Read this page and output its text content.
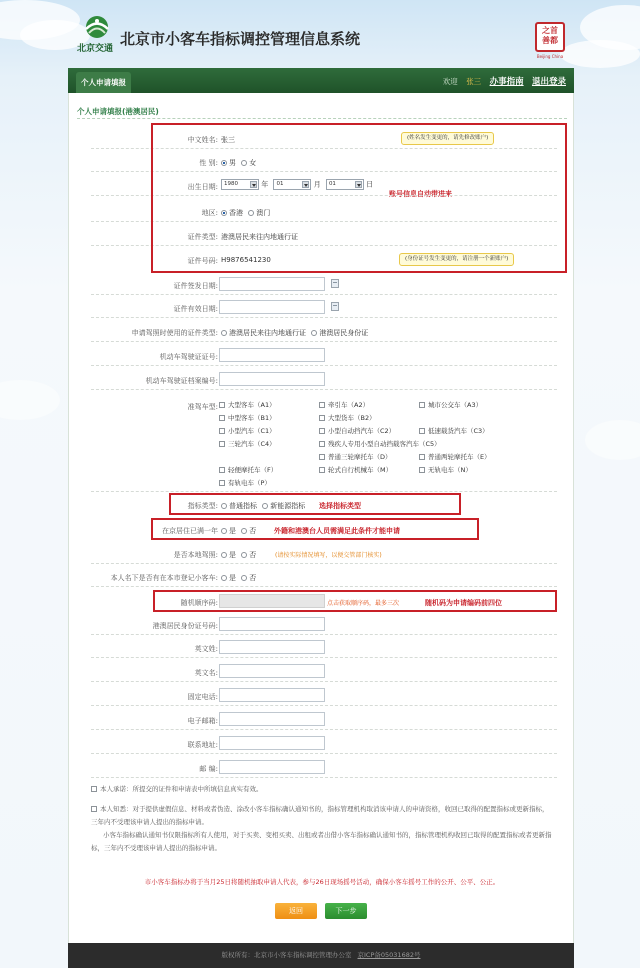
北京交通
北京市小客车指标调控管理信息系统	之首 善都
Beijing China
个人申请填报	欢迎 张三 办事指南 退出登录
个人申请填报(港澳居民)
中文姓名: 张三	(姓名发生变更的，请先修改账户)
性 别:	男 女
出生日期:	1980	年 01	月 01	日
账号信息自动带进来
地区:	香港 澳门
证件类型: 港澳居民来往内地通行证
证件号码: H9876541230	(身份证号发生变更的，请注册一个新账户)
证件签发日期:
证件有效日期:
申请驾照时使用的证件类型:	港澳居民来往内地通行证 港澳居民身份证
机动车驾驶证证号:
机动车驾驶证档案编号:
准驾车型:	大型客车（A1）	牵引车（A2）	城市公交车（A3）
中型客车（B1）	大型货车（B2）
小型汽车（C1）	小型自动挡汽车（C2）	低速载货汽车（C3）
三轮汽车（C4）	残疾人专用小型自动挡载客汽车（C5）
普通三轮摩托车（D）	普通两轮摩托车（E）
轻便摩托车（F）	轮式自行机械车（M）	无轨电车（N）
有轨电车（P）
指标类型:	普通指标 新能源指标 选择指标类型
在京居住已满一年	是 否	外籍和港澳台人员需满足此条件才能申请
是否本地驾照:	是 否	(请按实际情况填写，以便交管部门核实)
本人名下是否有在本市登记小客车:	是 否
随机顺序码:	点击获取顺序码，最多三次	随机码为申请编码前四位
港澳居民身份证号码:
英文姓:
英文名:
固定电话:
电子邮箱:
联系地址:
邮 编:
本人承诺：所提交的证件和申请表中所填信息真实有效。
本人知悉：对于提供虚假信息、材料或者伪造、涂改小客车指标确认通知书的，指标管理机构取消该申请人的申请资格，收回已取得的配置指标或更新指标，三年内不受理该申请人提出的指标申请。
小客车指标确认通知书仅限指标所有人使用，对于买卖、变相买卖、出租或者出借小客车指标确认通知书的，指标管理机构收回已取得的配置指标或者更新指标，三年内不受理该申请人提出的指标申请。
市小客车指标办将于当月25日将随机抽取申请人代表，参与26日现场摇号活动，确保小客车摇号工作的公开、公平、公正。
返回	下一步
版权所有：北京市小客车指标调控管理办公室 京ICP备05031682号
